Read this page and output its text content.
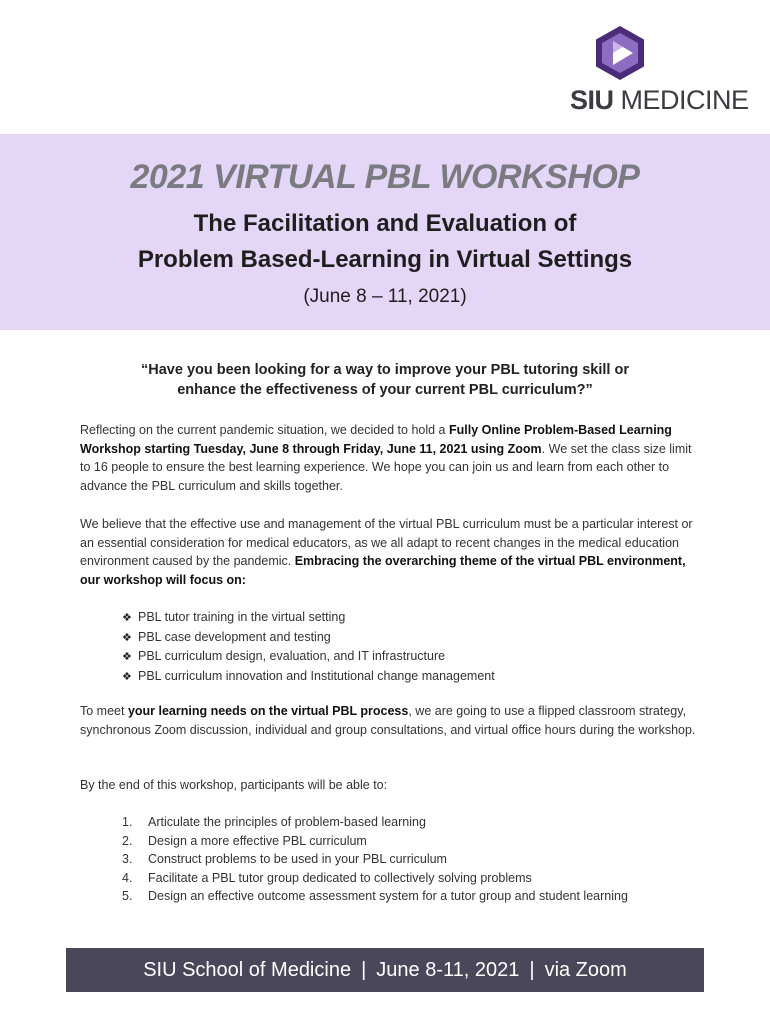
SIU MEDICINE
2021 VIRTUAL PBL WORKSHOP
The Facilitation and Evaluation of
Problem Based-Learning in Virtual Settings
(June 8 – 11, 2021)
“Have you been looking for a way to improve your PBL tutoring skill or
enhance the effectiveness of your current PBL curriculum?”
Reflecting on the current pandemic situation, we decided to hold a Fully Online Problem-Based Learning Workshop starting Tuesday, June 8 through Friday, June 11, 2021 using Zoom. We set the class size limit to 16 people to ensure the best learning experience. We hope you can join us and learn from each other to advance the PBL curriculum and skills together.
We believe that the effective use and management of the virtual PBL curriculum must be a particular interest or an essential consideration for medical educators, as we all adapt to recent changes in the medical education environment caused by the pandemic. Embracing the overarching theme of the virtual PBL environment, our workshop will focus on:
❖ PBL tutor training in the virtual setting
❖ PBL case development and testing
❖ PBL curriculum design, evaluation, and IT infrastructure
❖ PBL curriculum innovation and Institutional change management
To meet your learning needs on the virtual PBL process, we are going to use a flipped classroom strategy, synchronous Zoom discussion, individual and group consultations, and virtual office hours during the workshop.
By the end of this workshop, participants will be able to:
1. Articulate the principles of problem-based learning
2. Design a more effective PBL curriculum
3. Construct problems to be used in your PBL curriculum
4. Facilitate a PBL tutor group dedicated to collectively solving problems
5. Design an effective outcome assessment system for a tutor group and student learning
SIU School of Medicine | June 8-11, 2021 | via Zoom
